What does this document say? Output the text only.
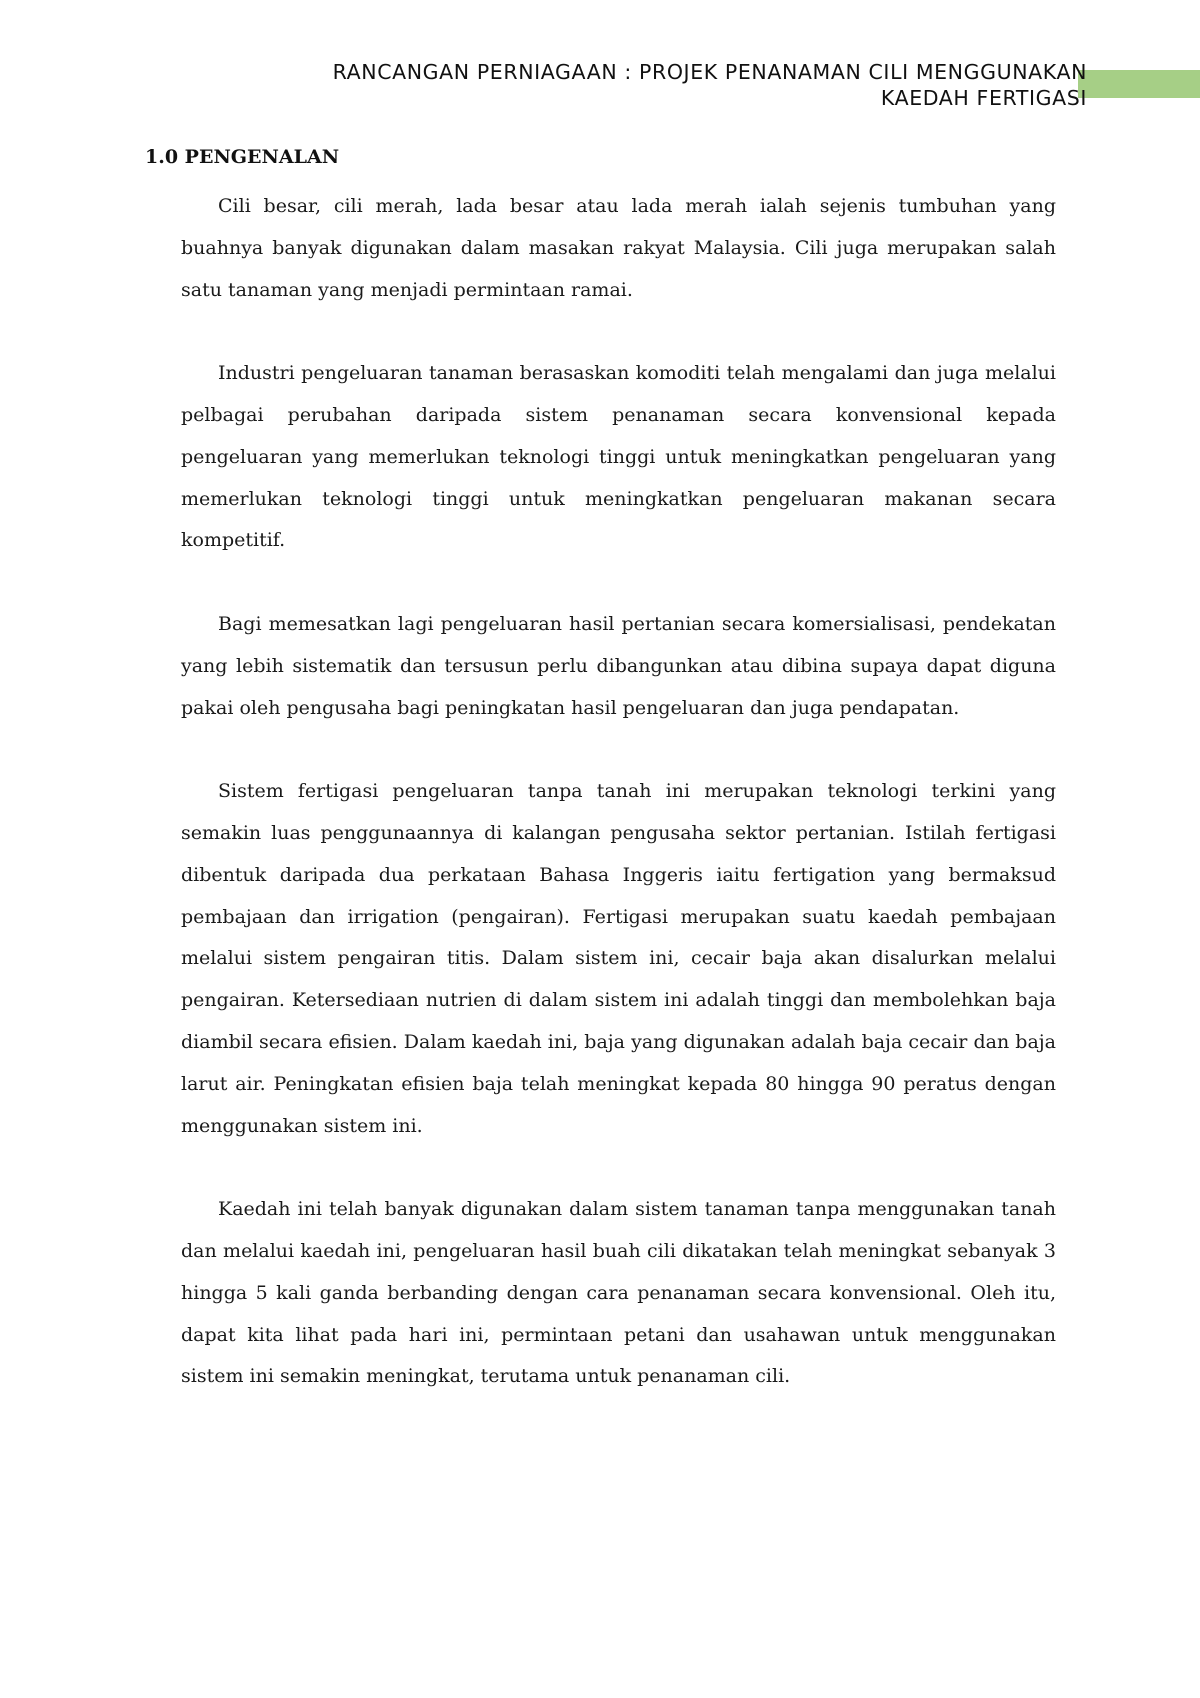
RANCANGAN PERNIAGAAN : PROJEK PENANAMAN CILI MENGGUNAKAN
KAEDAH FERTIGASI
1.0 PENGENALAN

Cili besar, cili merah, lada besar atau lada merah ialah sejenis tumbuhan yang buahnya banyak digunakan dalam masakan rakyat Malaysia. Cili juga merupakan salah satu tanaman yang menjadi permintaan ramai.

Industri pengeluaran tanaman berasaskan komoditi telah mengalami dan juga melalui pelbagai perubahan daripada sistem penanaman secara konvensional kepada pengeluaran yang memerlukan teknologi tinggi untuk meningkatkan pengeluaran yang memerlukan teknologi tinggi untuk meningkatkan pengeluaran makanan secara kompetitif.

Bagi memesatkan lagi pengeluaran hasil pertanian secara komersialisasi, pendekatan yang lebih sistematik dan tersusun perlu dibangunkan atau dibina supaya dapat diguna pakai oleh pengusaha bagi peningkatan hasil pengeluaran dan juga pendapatan.

Sistem fertigasi pengeluaran tanpa tanah ini merupakan teknologi terkini yang semakin luas penggunaannya di kalangan pengusaha sektor pertanian. Istilah fertigasi dibentuk daripada dua perkataan Bahasa Inggeris iaitu fertigation yang bermaksud pembajaan dan irrigation (pengairan). Fertigasi merupakan suatu kaedah pembajaan melalui sistem pengairan titis. Dalam sistem ini, cecair baja akan disalurkan melalui pengairan. Ketersediaan nutrien di dalam sistem ini adalah tinggi dan membolehkan baja diambil secara efisien. Dalam kaedah ini, baja yang digunakan adalah baja cecair dan baja larut air. Peningkatan efisien baja telah meningkat kepada 80 hingga 90 peratus dengan menggunakan sistem ini.

Kaedah ini telah banyak digunakan dalam sistem tanaman tanpa menggunakan tanah dan melalui kaedah ini, pengeluaran hasil buah cili dikatakan telah meningkat sebanyak 3 hingga 5 kali ganda berbanding dengan cara penanaman secara konvensional. Oleh itu, dapat kita lihat pada hari ini, permintaan petani dan usahawan untuk menggunakan sistem ini semakin meningkat, terutama untuk penanaman cili.
